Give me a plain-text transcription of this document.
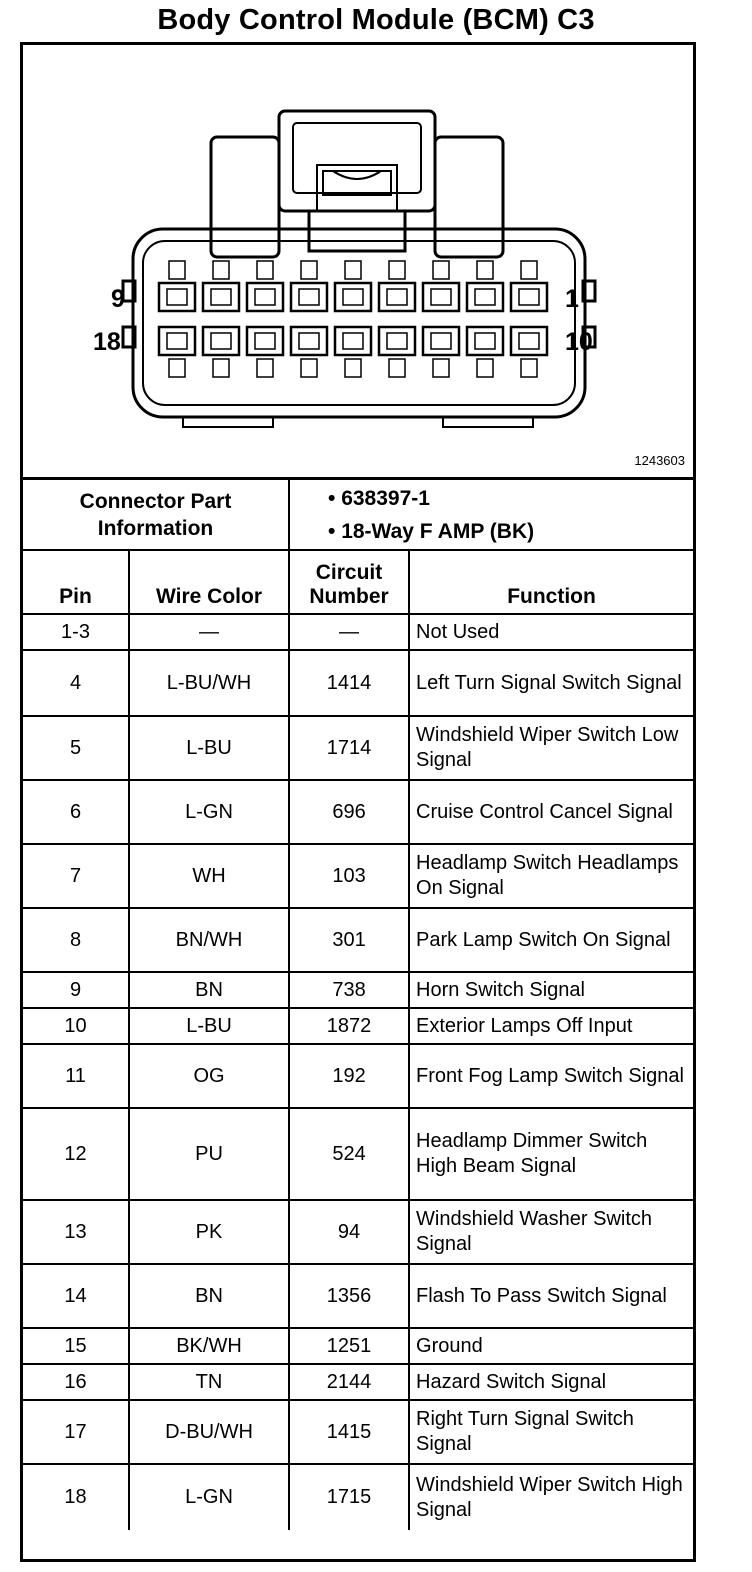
Body Control Module (BCM) C3
9
18
1
10
1243603
Connector Part Information		• 638397-1
• 18-Way F AMP (BK)	

Pin	Wire Color	Circuit Number	Function
1-3	—	—	Not Used
4	L-BU/WH	1414	Left Turn Signal Switch Signal
5	L-BU	1714	Windshield Wiper Switch Low Signal
6	L-GN	696	Cruise Control Cancel Signal
7	WH	103	Headlamp Switch Headlamps On Signal
8	BN/WH	301	Park Lamp Switch On Signal
9	BN	738	Horn Switch Signal
10	L-BU	1872	Exterior Lamps Off Input
11	OG	192	Front Fog Lamp Switch Signal
12	PU	524	Headlamp Dimmer Switch High Beam Signal
13	PK	94	Windshield Washer Switch Signal
14	BN	1356	Flash To Pass Switch Signal
15	BK/WH	1251	Ground
16	TN	2144	Hazard Switch Signal
17	D-BU/WH	1415	Right Turn Signal Switch Signal
18	L-GN	1715	Windshield Wiper Switch High Signal
